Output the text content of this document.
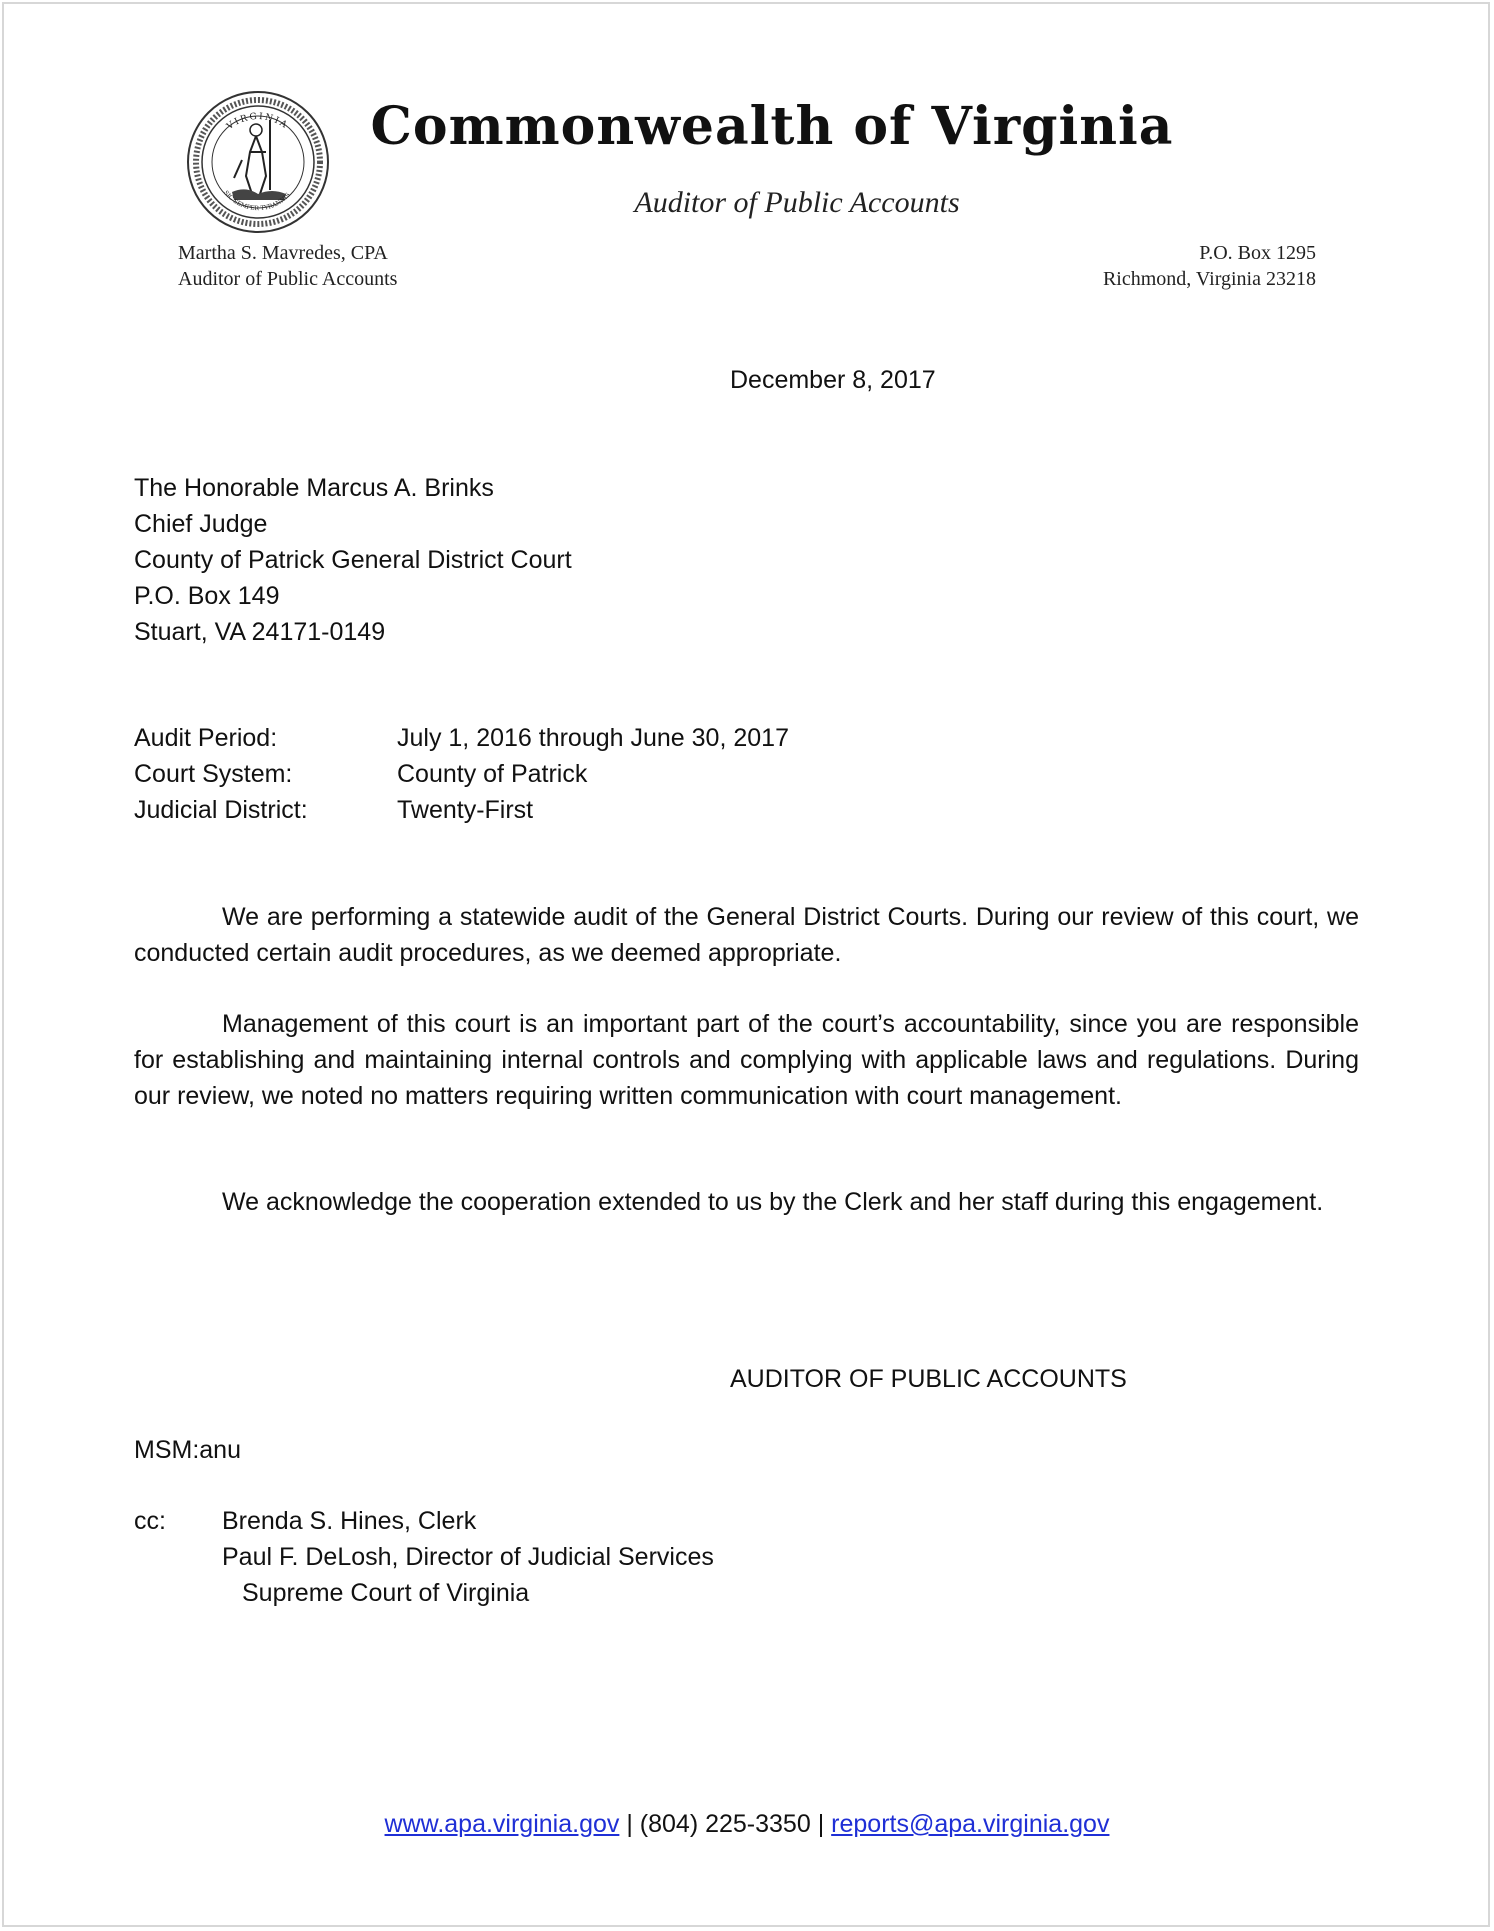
VIRGINIA
SIC SEMPER TYRANNIS
Commonwealth of Virginia
Auditor of Public Accounts
Martha S. Mavredes, CPA
Auditor of Public Accounts
P.O. Box 1295
Richmond, Virginia 23218
December 8, 2017
The Honorable Marcus A. Brinks
Chief Judge
County of Patrick General District Court
P.O. Box 149
Stuart, VA 24171-0149
Audit Period:	July 1, 2016 through June 30, 2017
Court System:	County of Patrick
Judicial District:	Twenty-First

We are performing a statewide audit of the General District Courts. During our review of this court, we conducted certain audit procedures, as we deemed appropriate.

Management of this court is an important part of the court’s accountability, since you are responsible for establishing and maintaining internal controls and complying with applicable laws and regulations. During our review, we noted no matters requiring written communication with court management.

We acknowledge the cooperation extended to us by the Clerk and her staff during this engagement.

AUDITOR OF PUBLIC ACCOUNTS
MSM:anu
cc:	Brenda S. Hines, Clerk
Paul F. DeLosh, Director of Judicial Services
Supreme Court of Virginia
www.apa.virginia.gov | (804) 225-3350 | reports@apa.virginia.gov
